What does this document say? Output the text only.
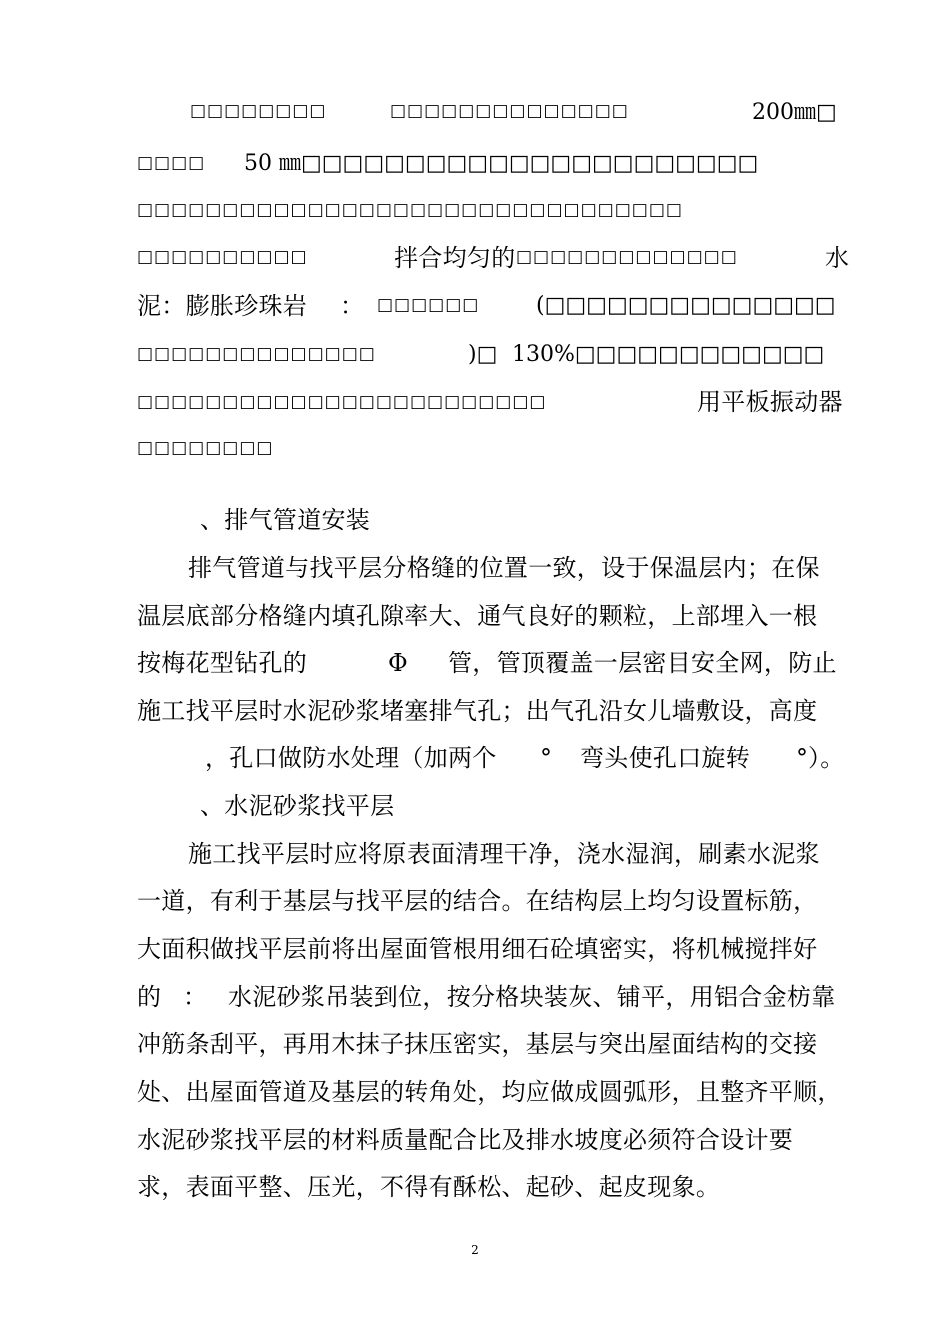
□□□□□□□□	□□□□□□□□□□□□□□	200㎜□
□□□□ 50 ㎜□□□□□□□□□□□□□□□□□□□□□□
□□□□□□□□□□□□□□□□□□□□□□□□□□□□□□□□
□□□□□□□□□□	拌合均匀的 □□□□□□□□□□□□□	水
泥：膨胀珍珠岩 ： □□□□□□	(□□□□□□□□□□□□□□
□□□□□□□□□□□□□□	)□ 130%□□□□□□□□□□□□
□□□□□□□□□□□□□□□□□□□□□□□□	用平板振动器
□□□□□□□□
、排气管道安装
排气管道与找平层分格缝的位置一致，设于保温层内；在保
温层底部分格缝内填孔隙率大、通气良好的颗粒，上部埋入一根
按梅花型钻孔的	Φ 管，管顶覆盖一层密目安全网，防止
施工找平层时水泥砂浆堵塞排气孔；出气孔沿女儿墙敷设，高度
，孔口做防水处理（加两个 ° 弯头使孔口旋转 ° ）。
、水泥砂浆找平层
施工找平层时应将原表面清理干净，浇水湿润，刷素水泥浆
一道，有利于基层与找平层的结合。在结构层上均匀设置标筋，
大面积做找平层前将出屋面管根用细石砼填密实，将机械搅拌好
的 ： 水泥砂浆吊装到位，按分格块装灰、铺平，用铝合金枋靠
冲筋条刮平，再用木抹子抹压密实，基层与突出屋面结构的交接
处、出屋面管道及基层的转角处，均应做成圆弧形，且整齐平顺，
水泥砂浆找平层的材料质量配合比及排水坡度必须符合设计要
求，表面平整、压光，不得有酥松、起砂、起皮现象。
2
